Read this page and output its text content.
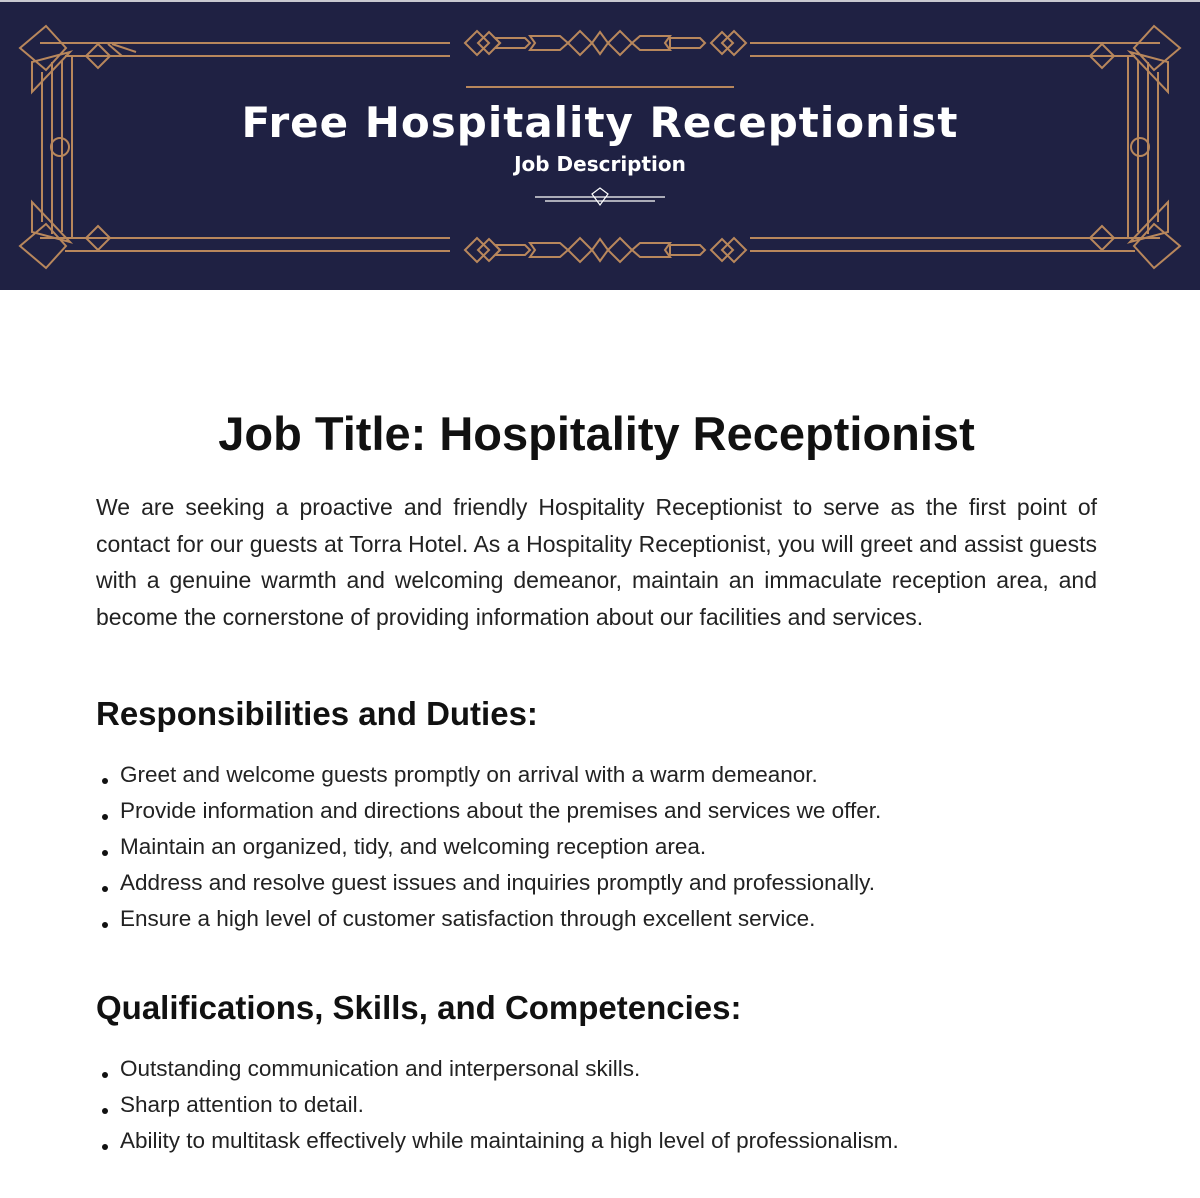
Free Hospitality Receptionist
Job Description
Job Title: Hospitality Receptionist

We are seeking a proactive and friendly Hospitality Receptionist to serve as the first point of contact for our guests at Torra Hotel. As a Hospitality Receptionist, you will greet and assist guests with a genuine warmth and welcoming demeanor, maintain an immaculate reception area, and become the cornerstone of providing information about our facilities and services.

Responsibilities and Duties:
Greet and welcome guests promptly on arrival with a warm demeanor.
Provide information and directions about the premises and services we offer.
Maintain an organized, tidy, and welcoming reception area.
Address and resolve guest issues and inquiries promptly and professionally.
Ensure a high level of customer satisfaction through excellent service.
Qualifications, Skills, and Competencies:
Outstanding communication and interpersonal skills.
Sharp attention to detail.
Ability to multitask effectively while maintaining a high level of professionalism.
